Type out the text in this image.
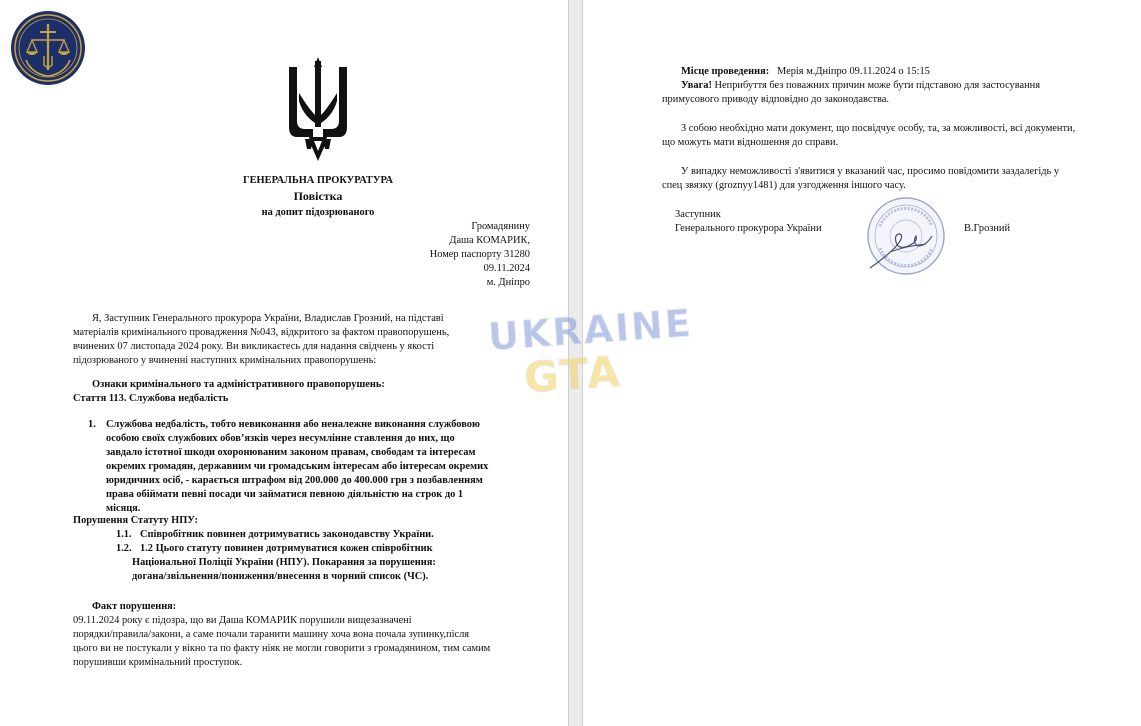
ГЕНЕРАЛЬНА ПРОКУРАТУРА
Повістка
на допит підозрюваного
Громадянину
Даша КОМАРИК,
Номер паспорту 31280
09.11.2024
м. Дніпро
Я, Заступник Генерального прокурора України, Владислав Грозний, на підставі
матеріалів кримінального провадження №043, відкритого за фактом правопорушень,
вчинених 07 листопада 2024 року. Ви викликаєтесь для надання свідчень у якості
підозрюваного у вчиненні наступних кримінальних правопорушень:
Ознаки кримінального та адміністративного правопорушень:
Стаття 113. Службова недбалість
1. Службова недбалість, тобто невиконання або неналежне виконання службовою
особою своїх службових обов’язків через несумлінне ставлення до них, що
завдало істотної шкоди охоронюваним законом правам, свободам та інтересам
окремих громадян, державним чи громадським інтересам або інтересам окремих
юридичних осіб, - карається штрафом від 200.000 до 400.000 грн з позбавленням
права обіймати певні посади чи займатися певною діяльністю на строк до 1
місяця.
Порушення Статуту НПУ:
1.1. Співробітник повинен дотримуватись законодавству України.
1.2. 1.2 Цього статуту повинен дотримуватися кожен співробітник
Національної Поліції України (НПУ). Покарання за порушення:
догана/звільнення/пониження/внесення в чорний список (ЧС).
Факт порушення:
09.11.2024 року є підозра, що ви Даша КОМАРИК порушили вищезазначені
порядки/правила/закони, а саме почали таранити машину хоча вона почала зупинку,після
цього ви не постукали у вікно та по факту ніяк не могли говорити з громадянином, тим самим
порушивши кримінальний проступок.
Місце проведення: Мерія м.Дніпро 09.11.2024 о 15:15
Увага! Неприбуття без поважних причин може бути підставою для застосування
примусового приводу відповідно до законодавства.
З собою необхідно мати документ, що посвідчує особу, та, за можливості, всі документи,
що можуть мати відношення до справи.
У випадку неможливості з'явитися у вказаний час, просимо повідомити заздалегідь у
спец звязку (groznyy1481) для узгодження іншого часу.
Заступник
Генерального прокурора України	В.Грозний
UKRAINE
GTA
